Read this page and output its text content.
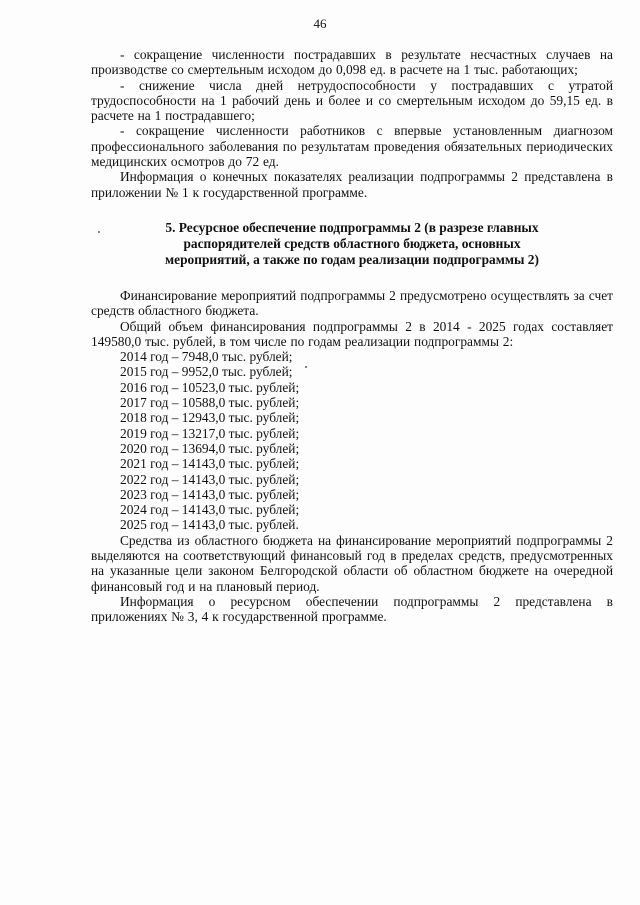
46

- сокращение численности пострадавших в результате несчастных случаев на производстве со смертельным исходом до 0,098 ед. в расчете на 1 тыс. работающих;

- снижение числа дней нетрудоспособности у пострадавших с утратой трудоспособности на 1 рабочий день и более и со смертельным исходом до 59,15 ед. в расчете на 1 пострадавшего;

- сокращение численности работников с впервые установленным диагнозом профессионального заболевания по результатам проведения обязательных периодических медицинских осмотров до 72 ед.

Информация о конечных показателях реализации подпрограммы 2 представлена в приложении № 1 к государственной программе.

5. Ресурсное обеспечение подпрограммы 2 (в разрезе главных
распорядителей средств областного бюджета, основных
мероприятий, а также по годам реализации подпрограммы 2)

Финансирование мероприятий подпрограммы 2 предусмотрено осуществлять за счет средств областного бюджета.

Общий объем финансирования подпрограммы 2 в 2014 - 2025 годах составляет 149580,0 тыс. рублей, в том числе по годам реализации подпрограммы 2:

2014 год – 7948,0 тыс. рублей;
2015 год – 9952,0 тыс. рублей;
2016 год – 10523,0 тыс. рублей;
2017 год – 10588,0 тыс. рублей;
2018 год – 12943,0 тыс. рублей;
2019 год – 13217,0 тыс. рублей;
2020 год – 13694,0 тыс. рублей;
2021 год – 14143,0 тыс. рублей;
2022 год – 14143,0 тыс. рублей;
2023 год – 14143,0 тыс. рублей;
2024 год – 14143,0 тыс. рублей;
2025 год – 14143,0 тыс. рублей.

Средства из областного бюджета на финансирование мероприятий подпрограммы 2 выделяются на соответствующий финансовый год в пределах средств, предусмотренных на указанные цели законом Белгородской области об областном бюджете на очередной финансовый год и на плановый период.

Информация о ресурсном обеспечении подпрограммы 2 представлена в приложениях № 3, 4 к государственной программе.
